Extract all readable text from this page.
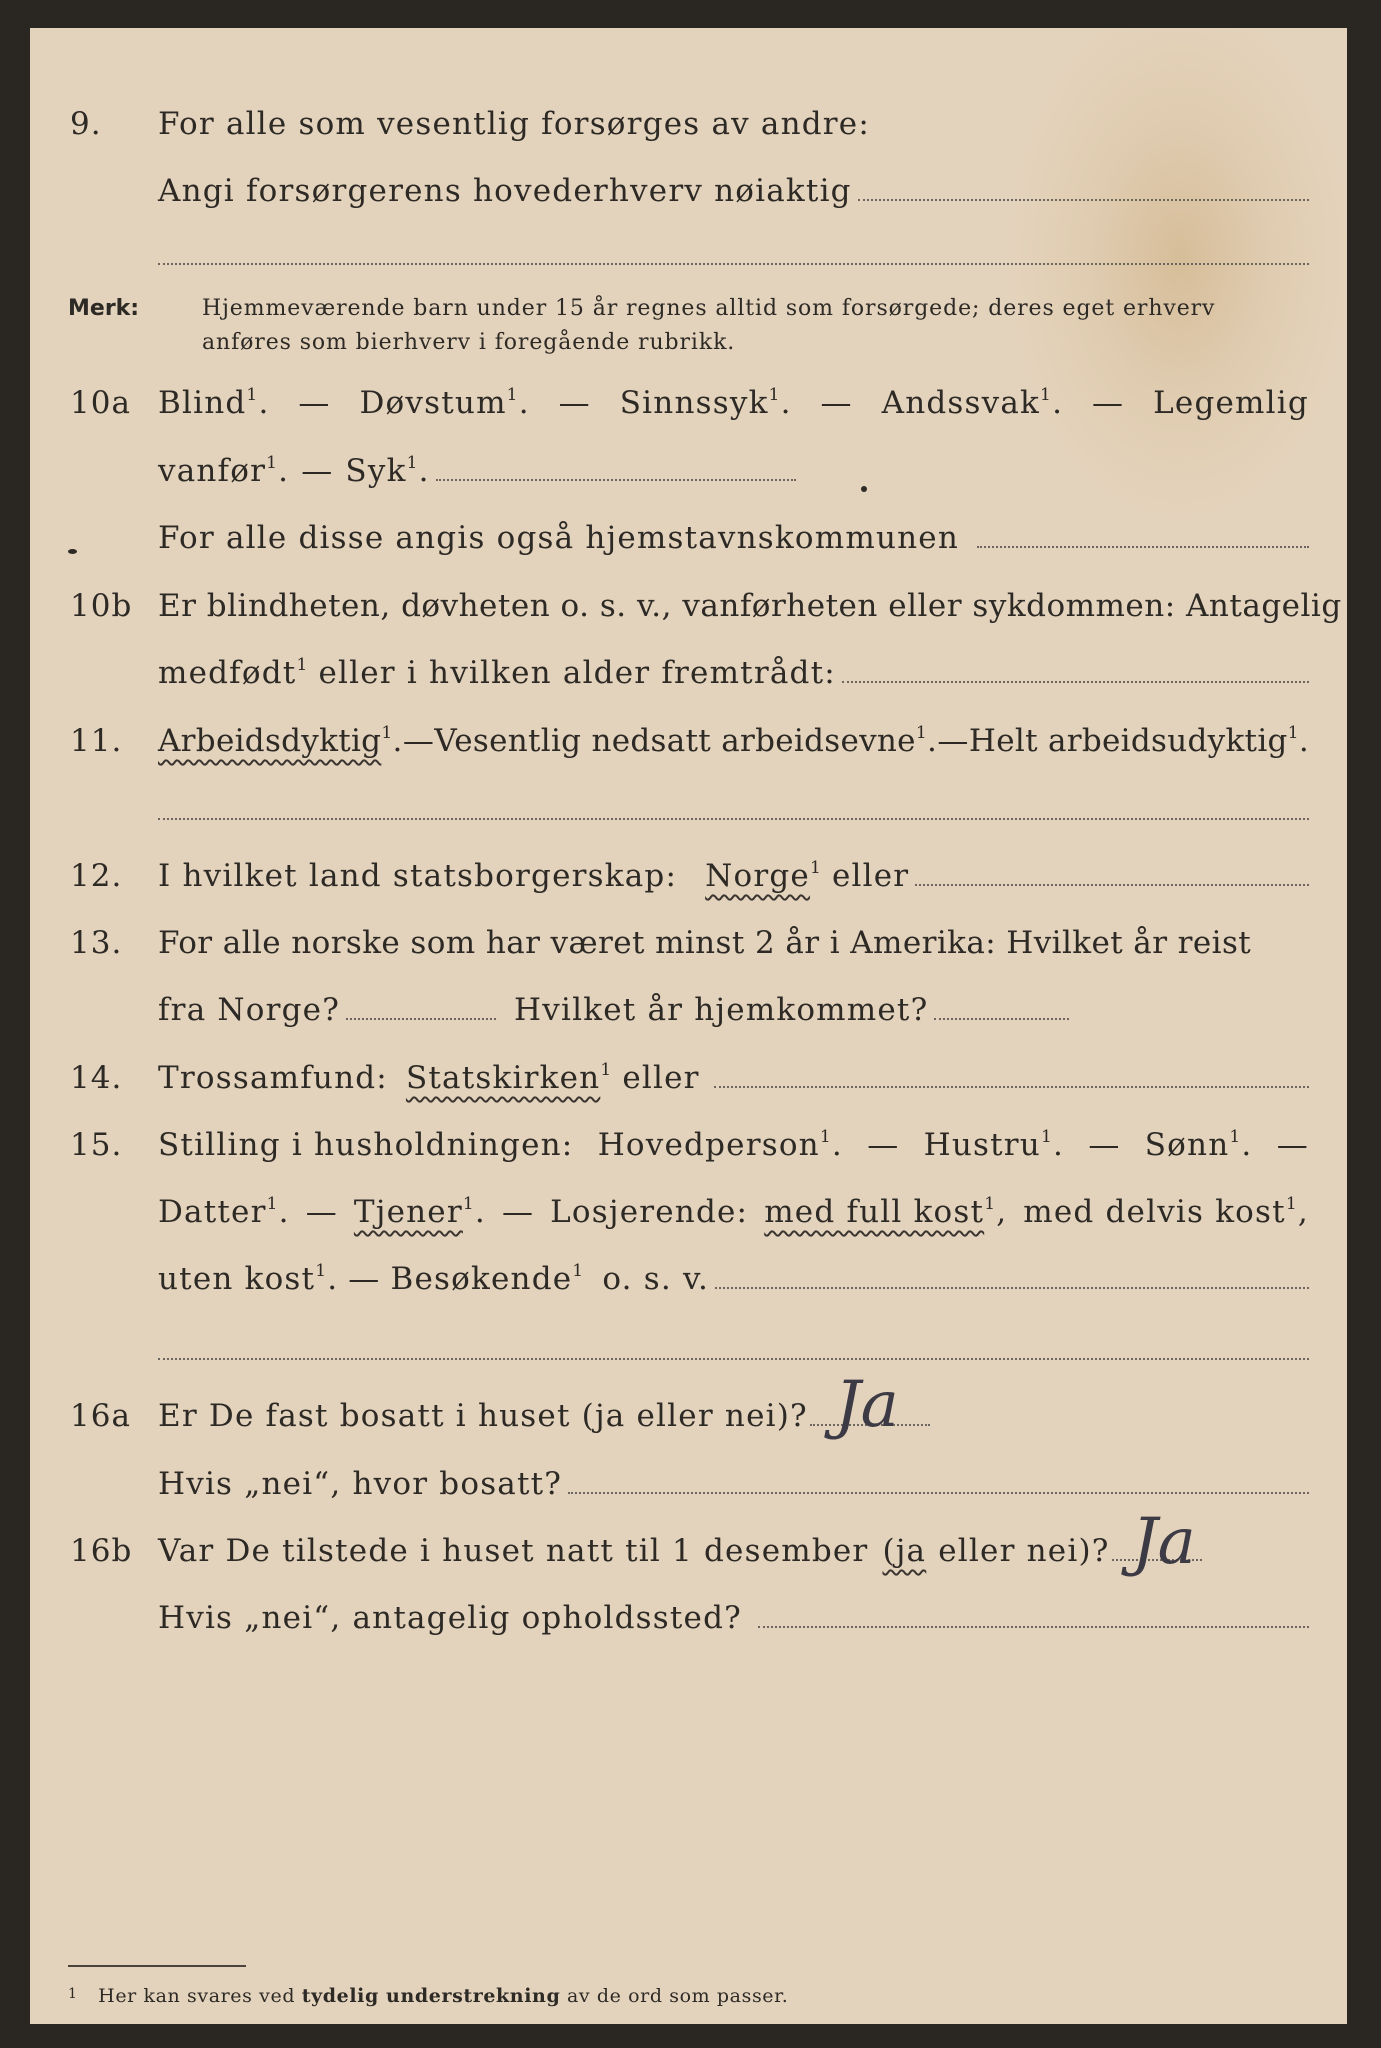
9. For alle som vesentlig forsørges av andre:
Angi forsørgerens hovederhverv nøiaktig
Merk:	Hjemmeværende barn under 15 år regnes alltid som forsørgede; deres eget erhverv
anføres som bierhverv i foregående rubrikk.
10a Blind$^1$. — Døvstum$^1$. — Sinnssyk$^1$. — Andssvak$^1$. — Legemlig
vanfør$^1$. — Syk$^1$.
For alle disse angis også hjemstavnskommunen
10b Er blindheten, døvheten o. s. v., vanførheten eller sykdommen: Antagelig
medfødt$^1$ eller i hvilken alder fremtrådt:
11. Arbeidsdyktig$^1$. — Vesentlig nedsatt arbeidsevne$^1$. — Helt arbeidsudyktig$^1$.
12. I hvilket land statsborgerskap: Norge$^1$ eller
13. For alle norske som har været minst 2 år i Amerika: Hvilket år reist
fra Norge?	Hvilket år hjemkommet?
14. Trossamfund: Statskirken$^1$ eller
15. Stilling i husholdningen: Hovedperson$^1$. — Hustru$^1$. — Sønn$^1$. —
Datter$^1$. — Tjener$^1$. — Losjerende: med full kost$^1$, med delvis kost$^1$,
uten kost$^1$. — Besøkende$^1$ o. s. v.
16a Er De fast bosatt i huset (ja eller nei)? Ja
Hvis „nei“, hvor bosatt?
16b Var De tilstede i huset natt til 1 desember (ja eller nei)? Ja
Hvis „nei“, antagelig opholdssted?
$^1$ Her kan svares ved tydelig understrekning av de ord som passer.
